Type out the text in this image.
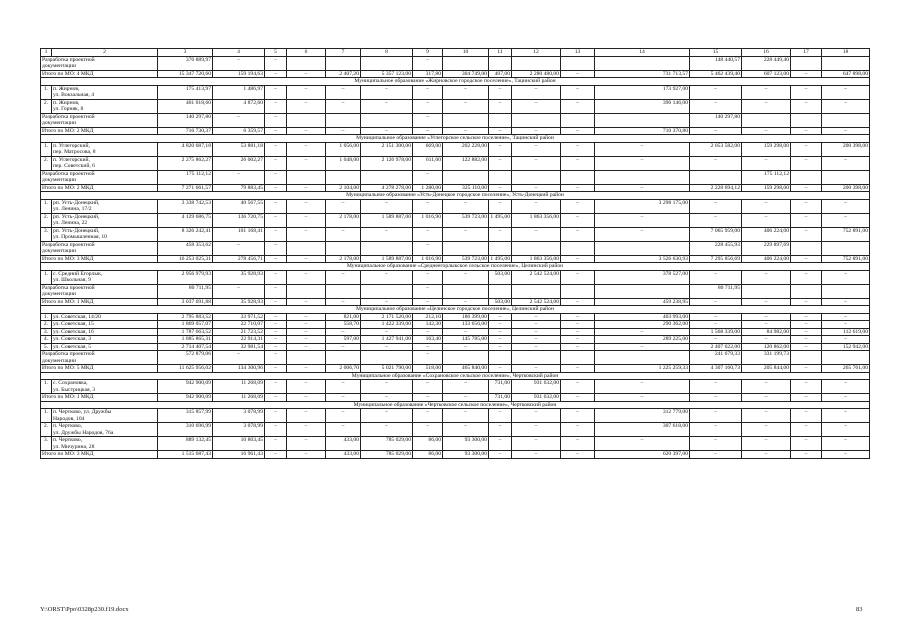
1	2	3	4	5	6	7	8	9	10	11	12	13	14	15	16	17	18	
Разработка проектной
документации		376 889,97	–	–				–						148 440,57	228 449,40			
Итого по МО: 4 МКД		15 347 720,60	159 194,63	–	–	2 407,20	5 357 123,00	317,80	304 749,00	407,00	2 280 480,00	–	731 713,57	5 462 439,40	607 123,00	–	647 898,00	
Муниципальное образование «Жирновское городское поселение», Тацинский район																		
1.	п. Жирнов,
ул. Вокзальная, 4	175 413,97	1 486,97	–	–	–	–	–	–	–	–	–	173 927,00	–	–	–	–	
2.	п. Жирнов,
ул. Горняк, 8	401 018,60	4 872,60	–	–	–	–	–	–	–	–	–	396 146,00	–	–	–	–	
Разработка проектной
документации		140 297,80	–	–				–						140 297,80				
Итого по МО: 2 МКД		716 730,37	6 359,57	–	–	–	–	–	–	–	–	–	710 370,80	–	–	–	–	
Муниципальное образование «Углегорское сельское поселение», Тацинский район																		
1.	п. Углегорский,
пер. Матросова, 8	4 820 687,18	53 881,18	–	–	1 056,00	2 151 300,00	669,00	202 228,00	–	–	–	–	2 053 582,00	159 298,00	–	200 398,00	
2.	п. Углегорский,
пер. Советский, 6	2 275 862,27	26 002,27	–	–	1 048,00	2 126 978,00	611,00	122 882,00	–	–	–	–	–	–	–	–	
Разработка проектной
документации		175 112,12	–	–				–							175 112,12			
Итого по МО: 2 МКД		7 271 661,57	79 883,45	–	–	2 104,00	4 278 278,00	1 280,00	325 110,00	–	–	–	–	2 228 694,12	159 298,00	–	200 398,00	
Муниципальное образование «Усть-Донецкое городское поселение», Усть-Донецкий район																		
1.	рп. Усть-Донецкий,
ул. Ленина, 17/2	3 338 742,53	40 567,55	–	–	–	–	–	–	–	–	–	3 298 175,00	–	–	–	–	
2.	рп. Усть-Донецкий,
ул. Ленина, 22	4 129 686,75	136 720,75	–	–	2 178,00	1 589 887,00	1 016,90	539 723,00	1 495,00	1 863 356,00	–	–	–	–	–	–	
3.	рп. Усть-Донецкий,
ул. Промышленная, 10	8 326 242,41	101 168,41	–	–	–	–	–	–	–	–	–	–	7 065 959,00	406 224,00	–	752 891,00	
Разработка проектной
документации		458 353,62	–	–				–						228 455,93	229 897,69			
Итого по МО: 3 МКД		16 253 025,31	278 456,71	–	–	2 178,00	1 589 887,00	1 016,90	539 723,00	1 495,00	1 863 356,00	–	3 526 630,93	7 295 856,69	406 224,00	–	752 891,00	
Муниципальное образование «Среднеегорлыкское сельское поселение», Целинский район																		
1.	с. Средний Егорлык,
ул. Школьная, 9	2 956 979,93	35 928,93	–	–	–	–	–	–	503,00	2 542 524,00	–	378 527,00	–	–	–	–	
Разработка проектной
документации		80 711,95	–	–				–						80 711,95				
Итого по МО: 1 МКД		3 037 691,88	35 928,93	–	–	–	–	–	–	503,00	2 542 524,00	–	459 238,95	–	–	–	–	
Муниципальное образование «Целинское городское поселение», Целинский район																		
1.	ул. Советская, 14/20	2 795 883,52	33 971,52	–	–	821,00	2 171 520,00	212,10	186 399,00	–	–	–	403 993,00	–	–	–	–	
2.	ул. Советская, 15	1 869 057,07	22 710,07	–	–	558,70	1 422 339,00	142,30	133 656,00	–	–	–	290 362,00	–	–	–	–	
3.	ул. Советская, 16	1 787 663,52	21 723,52	–	–	–	–	–	–	–	–	–	–	1 568 339,00	84 982,00	–	112 619,00	
4.	ул. Советская, 3	1 885 865,31	22 914,31	–	–	597,00	1 427 941,00	163,40	145 785,00	–	–	–	289 225,00	–	–	–	–	
5.	ул. Советская, 5	2 714 407,54	32 981,54	–	–	–	–	–	–	–	–	–	–	2 407 622,00	120 862,00	–	152 942,00	
Разработка проектной
документации		572 879,06	–	–				–						241 679,33	331 199,73			
Итого по МО: 5 МКД		11 625 956,02	134 300,96	–	–	2 006,70	5 021 790,00	518,00	465 840,00	–	–	–	1 225 259,33	4 307 160,73	205 844,00	–	265 761,00	
Муниципальное образование «Сохрановское сельское поселение», Чертковский район																		
1.	с. Сохрановка,
ул. Быстрицкая, 3	942 900,09	11 268,09	–	–	–	–	–	–	731,00	931 632,00	–	–	–	–	–	–	
Итого по МО: 1 МКД		942 900,09	11 268,09	–	–	–	–	–	–	731,00	931 632,00	–	–	–	–	–	–	
Муниципальное образование «Чертковское сельское поселение», Чертковский район																		
1.	п. Чертково, ул. Дружбы
Народов, 104	315 857,99	3 078,99	–	–	–	–	–	–	–	–	–	312 779,00	–	–	–	–	
2.	п. Чертково,
ул. Дружбы Народов, 76а	310 696,99	3 078,99	–	–	–	–	–	–	–	–	–	307 618,00	–	–	–	–	
3.	п. Чертково,
ул. Мичурина, 28	889 132,45	10 803,45	–	–	433,00	785 029,00	86,00	93 300,00	–	–	–	–	–	–	–	–	
Итого по МО: 3 МКД		1 515 687,43	16 961,43	–	–	433,00	785 029,00	86,00	93 300,00	–	–	–	620 397,00	–	–	–	–	
Y:\ORST\Ppo\0328p230.f19.docx	83
